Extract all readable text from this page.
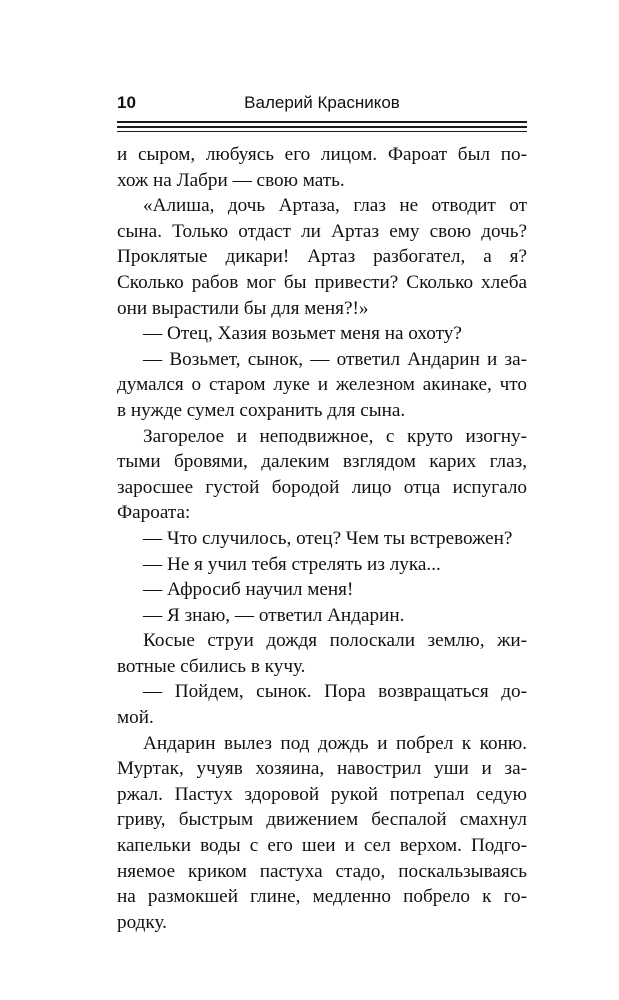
10	Валерий Красников
и сыром, любуясь его лицом. Фароат был по-
хож на Лабри — свою мать.
«Алиша, дочь Артаза, глаз не отводит от
сына. Только отдаст ли Артаз ему свою дочь?
Проклятые дикари! Артаз разбогател, а я?
Сколько рабов мог бы привести? Сколько хлеба
они вырастили бы для меня?!»
— Отец, Хазия возьмет меня на охоту?
— Возьмет, сынок, — ответил Андарин и за-
думался о старом луке и железном акинаке, что
в нужде сумел сохранить для сына.
Загорелое и неподвижное, с круто изогну-
тыми бровями, далеким взглядом карих глаз,
заросшее густой бородой лицо отца испугало
Фароата:
— Что случилось, отец? Чем ты встревожен?
— Не я учил тебя стрелять из лука...
— Афросиб научил меня!
— Я знаю, — ответил Андарин.
Косые струи дождя полоскали землю, жи-
вотные сбились в кучу.
— Пойдем, сынок. Пора возвращаться до-
мой.
Андарин вылез под дождь и побрел к коню.
Муртак, учуяв хозяина, навострил уши и за-
ржал. Пастух здоровой рукой потрепал седую
гриву, быстрым движением беспалой смахнул
капельки воды с его шеи и сел верхом. Подго-
няемое криком пастуха стадо, поскальзываясь
на размокшей глине, медленно побрело к го-
родку.
